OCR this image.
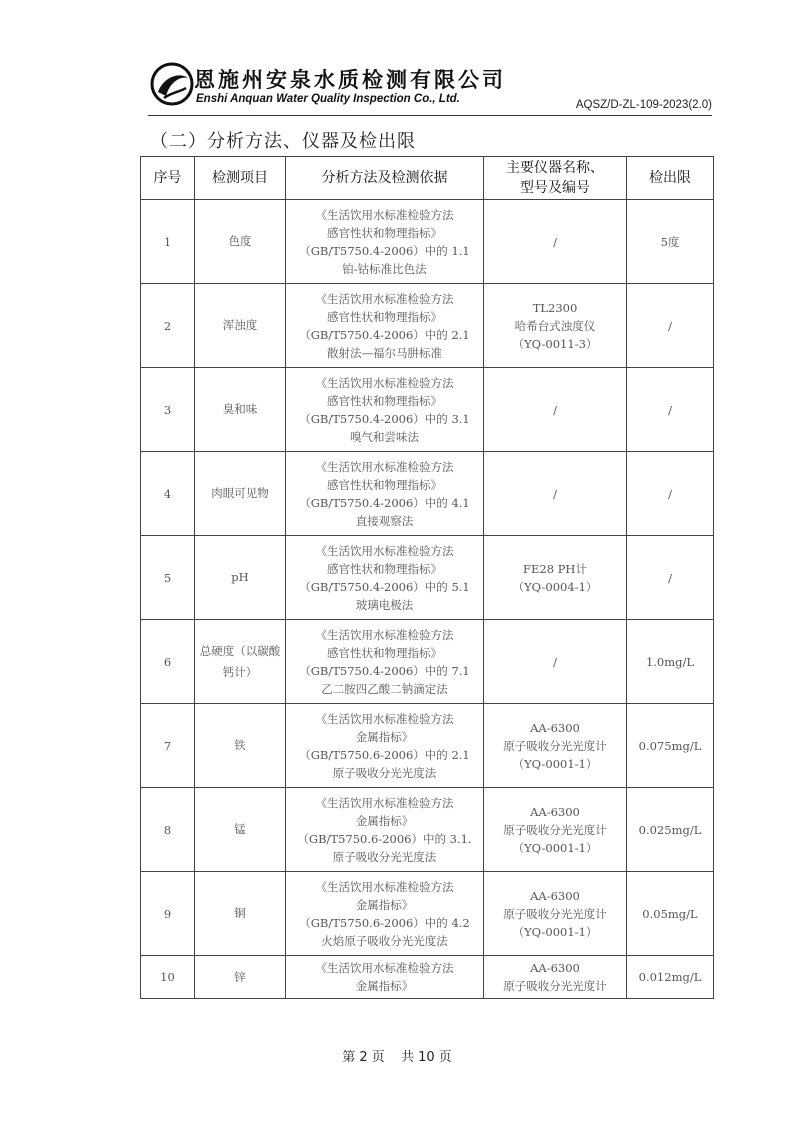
恩施州安泉水质检测有限公司
Enshi Anquan Water Quality Inspection Co., Ltd.	AQSZ/D-ZL-109-2023(2.0)
（二）分析方法、仪器及检出限
序号	检测项目	分析方法及检测依据	主要仪器名称、
型号及编号	检出限
1	色度	《生活饮用水标准检验方法
感官性状和物理指标》
（GB/T5750.4-2006）中的 1.1
铂-钴标准比色法	/	5度
2	浑浊度	《生活饮用水标准检验方法
感官性状和物理指标》
（GB/T5750.4-2006）中的 2.1
散射法—福尔马肼标准	TL2300
哈希台式浊度仪
（YQ-0011-3）	/
3	臭和味	《生活饮用水标准检验方法
感官性状和物理指标》
（GB/T5750.4-2006）中的 3.1
嗅气和尝味法	/	/
4	肉眼可见物	《生活饮用水标准检验方法
感官性状和物理指标》
（GB/T5750.4-2006）中的 4.1
直接观察法	/	/
5	pH	《生活饮用水标准检验方法
感官性状和物理指标》
（GB/T5750.4-2006）中的 5.1
玻璃电极法	FE28 PH计
（YQ-0004-1）	/
6	总硬度（以碳酸钙计）	《生活饮用水标准检验方法
感官性状和物理指标》
（GB/T5750.4-2006）中的 7.1
乙二胺四乙酸二钠滴定法	/	1.0mg/L
7	铁	《生活饮用水标准检验方法
金属指标》
（GB/T5750.6-2006）中的 2.1
原子吸收分光光度法	AA-6300
原子吸收分光光度计
（YQ-0001-1）	0.075mg/L
8	锰	《生活饮用水标准检验方法
金属指标》
（GB/T5750.6-2006）中的 3.1.
原子吸收分光光度法	AA-6300
原子吸收分光光度计
（YQ-0001-1）	0.025mg/L
9	铜	《生活饮用水标准检验方法
金属指标》
（GB/T5750.6-2006）中的 4.2
火焰原子吸收分光光度法	AA-6300
原子吸收分光光度计
（YQ-0001-1）	0.05mg/L
10	锌	《生活饮用水标准检验方法
金属指标》	AA-6300
原子吸收分光光度计	0.012mg/L
第 2 页 共 10 页
